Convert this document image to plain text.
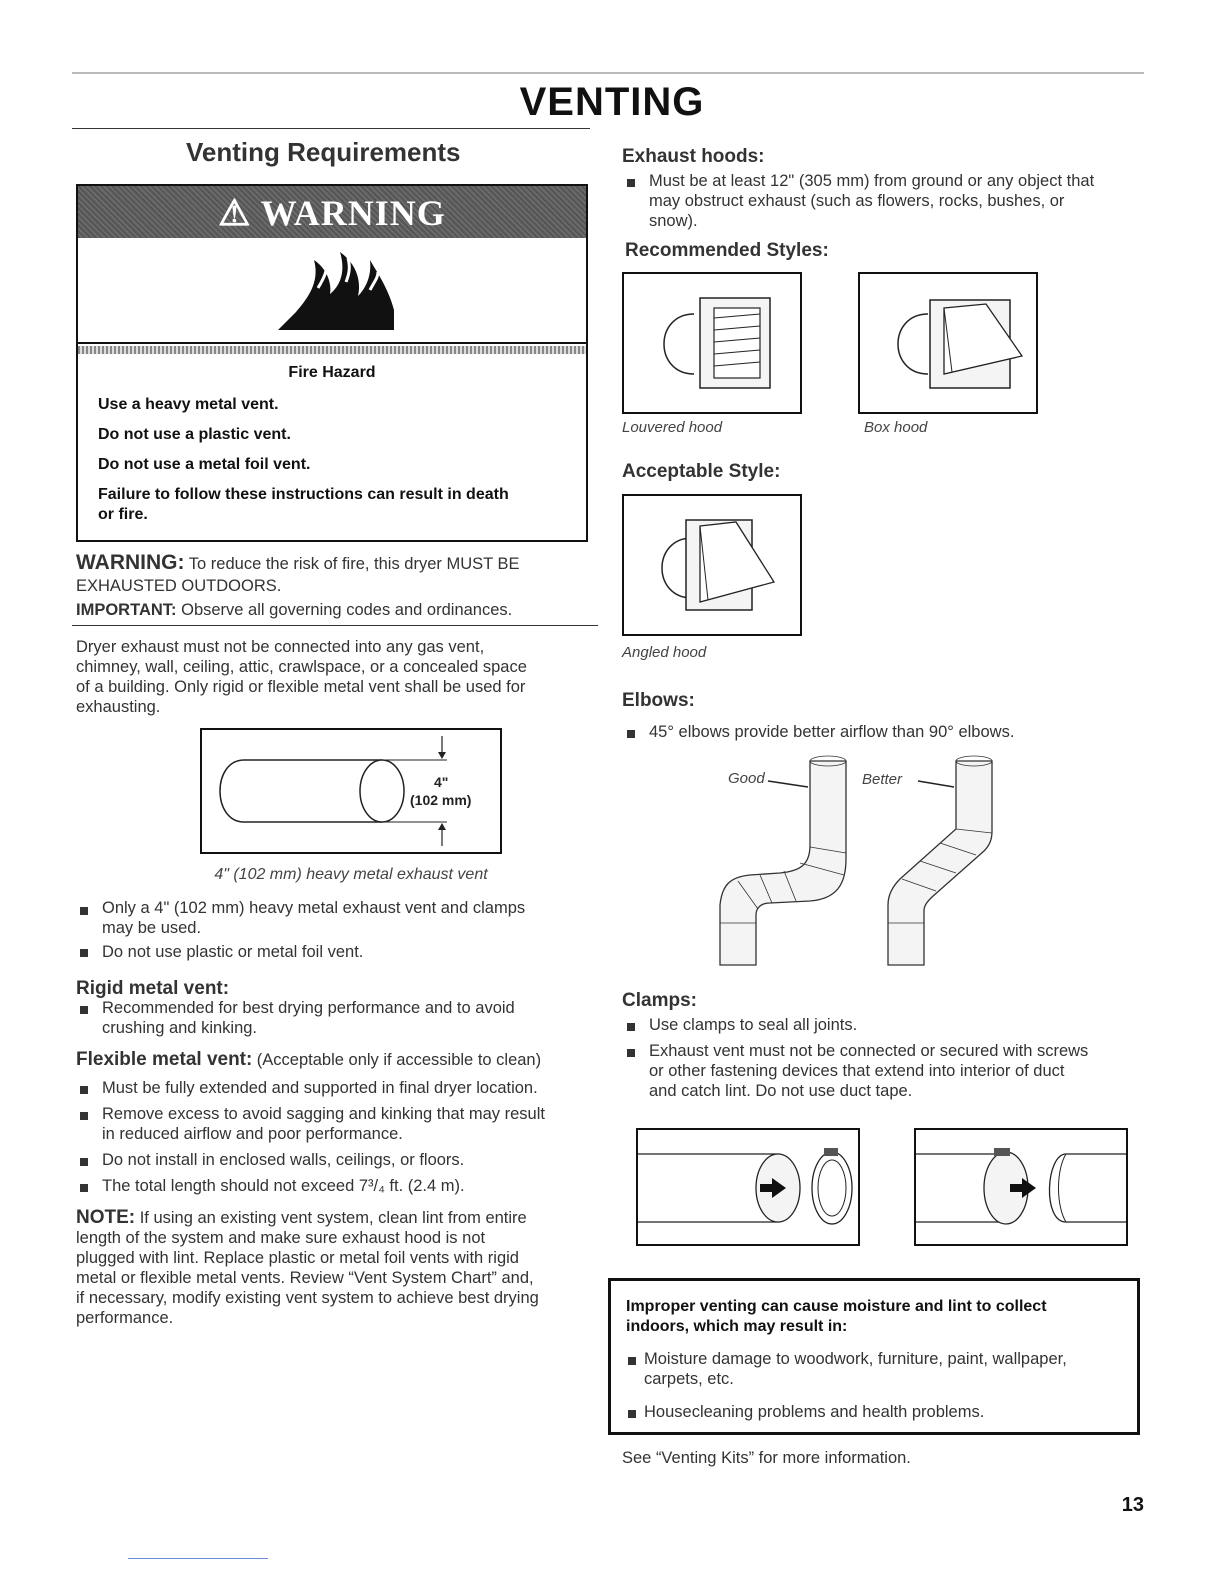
VENTING
Venting Requirements
⚠ WARNING
Fire Hazard
Use a heavy metal vent.
Do not use a plastic vent.
Do not use a metal foil vent.
Failure to follow these instructions can result in death
or fire.
WARNING: To reduce the risk of fire, this dryer MUST BE
EXHAUSTED OUTDOORS.
IMPORTANT: Observe all governing codes and ordinances.
Dryer exhaust must not be connected into any gas vent,
chimney, wall, ceiling, attic, crawlspace, or a concealed space
of a building. Only rigid or flexible metal vent shall be used for
exhausting.
4"
(102 mm)
4" (102 mm) heavy metal exhaust vent
Only a 4" (102 mm) heavy metal exhaust vent and clamps
may be used.
Do not use plastic or metal foil vent.
Rigid metal vent:
Recommended for best drying performance and to avoid
crushing and kinking.
Flexible metal vent: (Acceptable only if accessible to clean)
Must be fully extended and supported in final dryer location.
Remove excess to avoid sagging and kinking that may result
in reduced airflow and poor performance.
Do not install in enclosed walls, ceilings, or floors.
The total length should not exceed 7³/₄ ft. (2.4 m).
NOTE: If using an existing vent system, clean lint from entire
length of the system and make sure exhaust hood is not
plugged with lint. Replace plastic or metal foil vents with rigid
metal or flexible metal vents. Review “Vent System Chart” and,
if necessary, modify existing vent system to achieve best drying
performance.
Exhaust hoods:
Must be at least 12" (305 mm) from ground or any object that
may obstruct exhaust (such as flowers, rocks, bushes, or
snow).
Recommended Styles:
Louvered hood	Box hood
Acceptable Style:
Angled hood
Elbows:
45° elbows provide better airflow than 90° elbows.
Good	Better
Clamps:
Use clamps to seal all joints.
Exhaust vent must not be connected or secured with screws
or other fastening devices that extend into interior of duct
and catch lint. Do not use duct tape.
Improper venting can cause moisture and lint to collect
indoors, which may result in:
Moisture damage to woodwork, furniture, paint, wallpaper,
carpets, etc.
Housecleaning problems and health problems.
See “Venting Kits” for more information.
13
